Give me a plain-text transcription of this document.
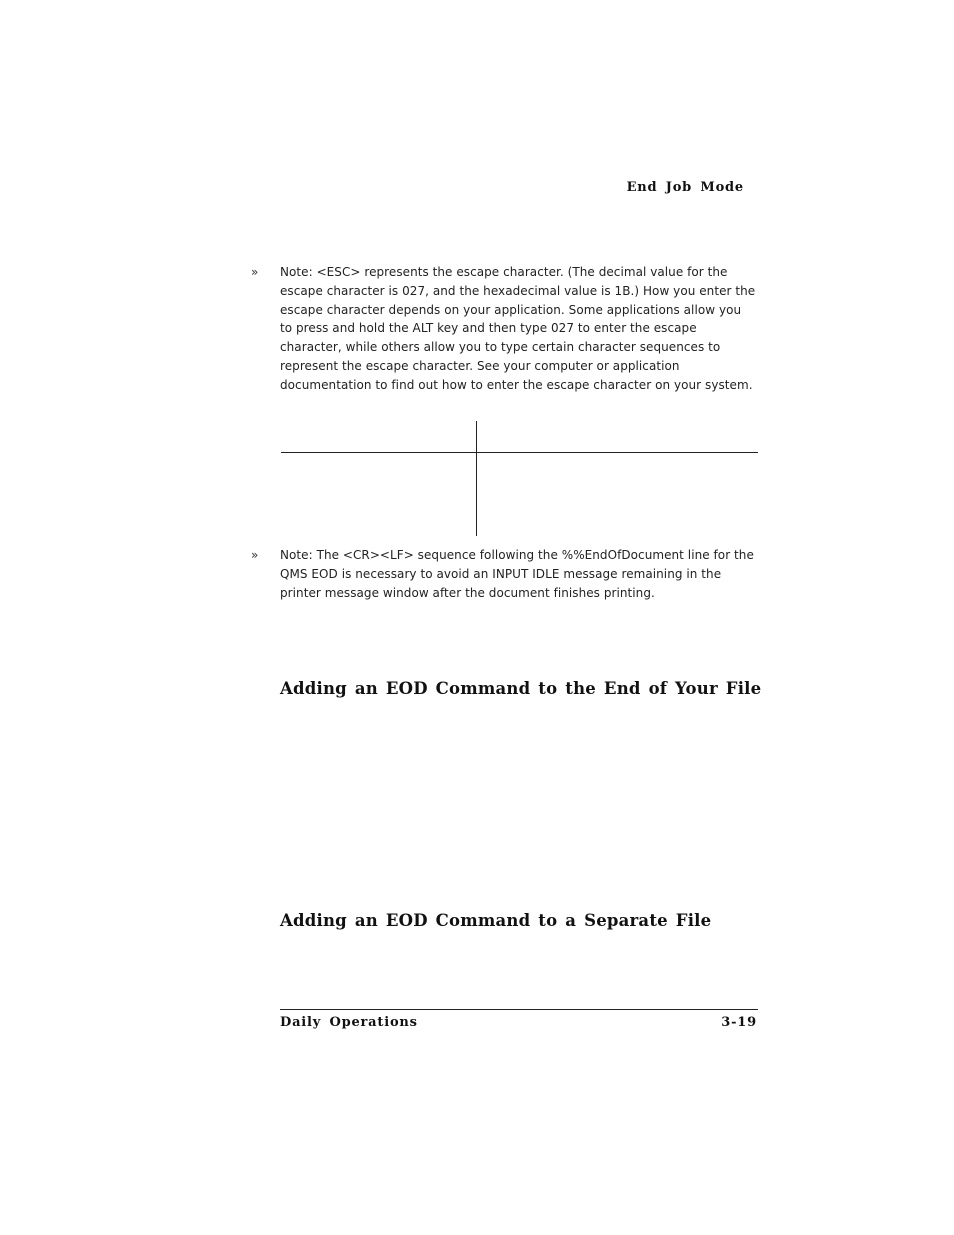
End Job Mode
» Note: <ESC> represents the escape character. (The decimal value for the escape character is 027, and the hexadecimal value is 1B.) How you enter the escape character depends on your application. Some applications allow you to press and hold the ALT key and then type 027 to enter the escape character, while others allow you to type certain character sequences to represent the escape character. See your computer or application documentation to find out how to enter the escape character on your system.
» Note: The <CR><LF> sequence following the %%EndOfDocument line for the QMS EOD is necessary to avoid an INPUT IDLE message remaining in the printer message window after the document finishes printing.
Adding an EOD Command to the End of Your File
Adding an EOD Command to a Separate File
Daily Operations	3-19
